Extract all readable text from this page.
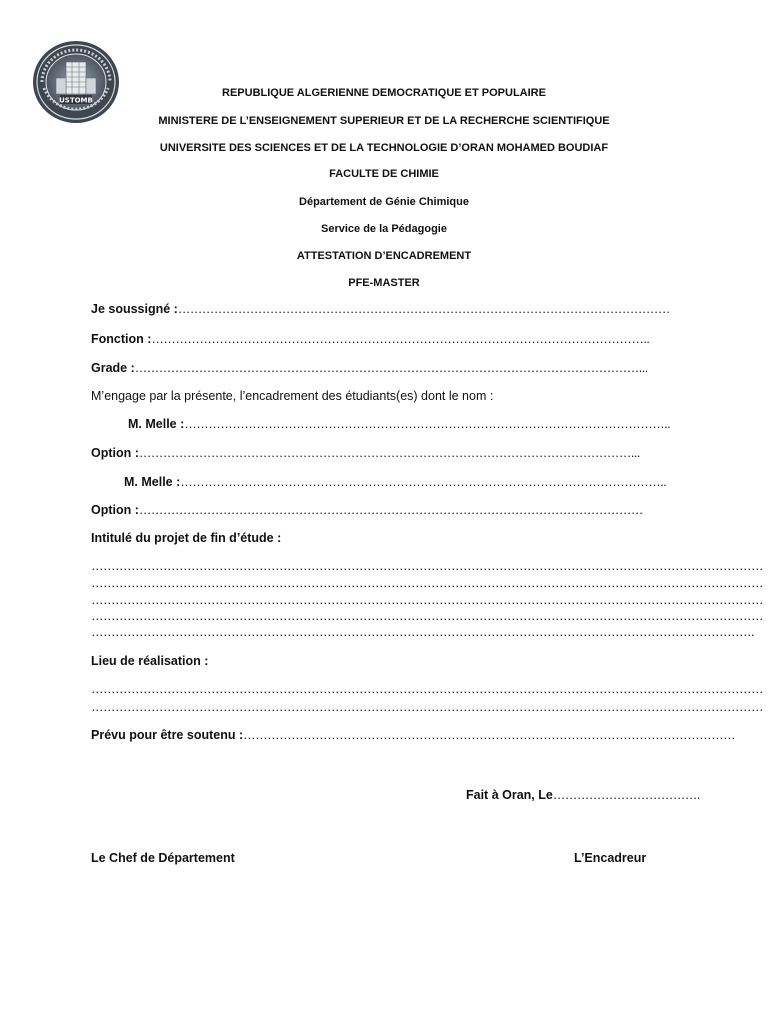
USTOMB
REPUBLIQUE ALGERIENNE DEMOCRATIQUE ET POPULAIRE
MINISTERE DE L’ENSEIGNEMENT SUPERIEUR ET DE LA RECHERCHE SCIENTIFIQUE
UNIVERSITE DES SCIENCES ET DE LA TECHNOLOGIE D’ORAN MOHAMED BOUDIAF
FACULTE DE CHIMIE
Département de Génie Chimique
Service de la Pédagogie
ATTESTATION D’ENCADREMENT
PFE-MASTER
Je soussigné :……………………………………………………………………………………………………………
Fonction :……………………………………………………………………………………………………………..
Grade :………………………………………………………………………………………………………………...
M’engage par la présente, l’encadrement des étudiants(es) dont le nom :
M. Melle :…………………………………………………………………………………………………………..
Option :……………………………………………………………………………………………………………...
M. Melle :…………………………………………………………………………………………………………..
Option :………………………………………………………………………………………………………………
Intitulé du projet de fin d’étude :
……………………………………………………………………………………………………………………………………………………
……………………………………………………………………………………………………………………………………………………
……………………………………………………………………………………………………………………………………………………
……………………………………………………………………………………………………………………………………………………
………………………………………………………………………………………………………………………………………………….
Lieu de réalisation :
……………………………………………………………………………………………………………………………………………………
……………………………………………………………………………………………………………………………………………………
Prévu pour être soutenu :……………………………………………………………………………………………………………
Fait à Oran, Le……………………………….
Le Chef de Département	L’Encadreur
